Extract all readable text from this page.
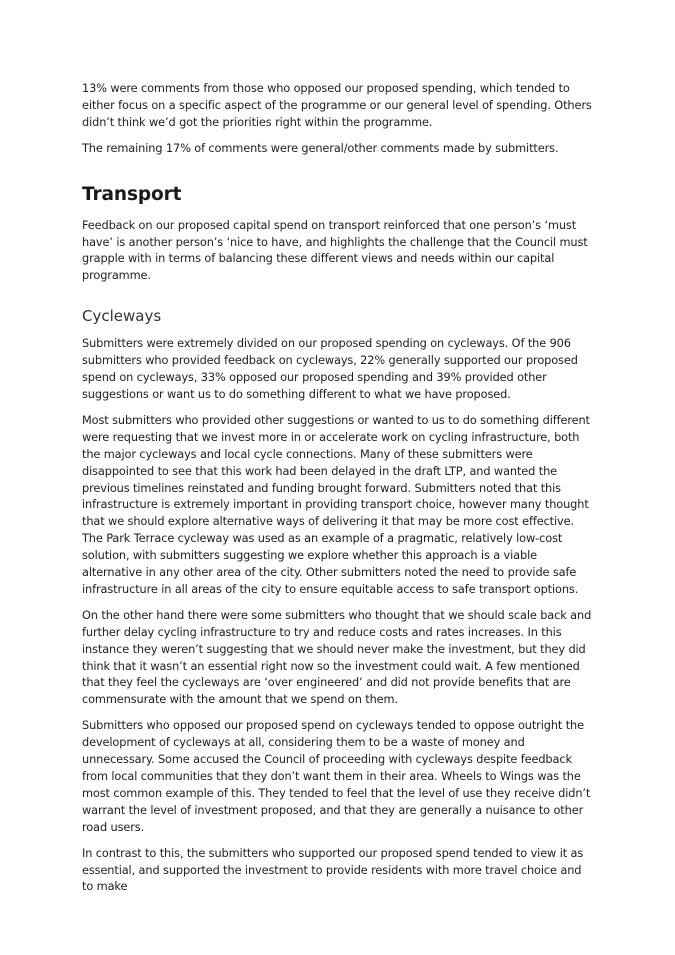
13% were comments from those who opposed our proposed spending, which tended to either focus on a specific aspect of the programme or our general level of spending. Others didn’t think we’d got the priorities right within the programme.

The remaining 17% of comments were general/other comments made by submitters.

Transport

Feedback on our proposed capital spend on transport reinforced that one person’s ‘must have’ is another person’s ‘nice to have, and highlights the challenge that the Council must grapple with in terms of balancing these different views and needs within our capital programme.

Cycleways

Submitters were extremely divided on our proposed spending on cycleways. Of the 906 submitters who provided feedback on cycleways, 22% generally supported our proposed spend on cycleways, 33% opposed our proposed spending and 39% provided other suggestions or want us to do something different to what we have proposed.

Most submitters who provided other suggestions or wanted to us to do something different were requesting that we invest more in or accelerate work on cycling infrastructure, both the major cycleways and local cycle connections. Many of these submitters were disappointed to see that this work had been delayed in the draft LTP, and wanted the previous timelines reinstated and funding brought forward. Submitters noted that this infrastructure is extremely important in providing transport choice, however many thought that we should explore alternative ways of delivering it that may be more cost effective. The Park Terrace cycleway was used as an example of a pragmatic, relatively low-cost solution, with submitters suggesting we explore whether this approach is a viable alternative in any other area of the city. Other submitters noted the need to provide safe infrastructure in all areas of the city to ensure equitable access to safe transport options.

On the other hand there were some submitters who thought that we should scale back and further delay cycling infrastructure to try and reduce costs and rates increases. In this instance they weren’t suggesting that we should never make the investment, but they did think that it wasn’t an essential right now so the investment could wait. A few mentioned that they feel the cycleways are ‘over engineered’ and did not provide benefits that are commensurate with the amount that we spend on them.

Submitters who opposed our proposed spend on cycleways tended to oppose outright the development of cycleways at all, considering them to be a waste of money and unnecessary. Some accused the Council of proceeding with cycleways despite feedback from local communities that they don’t want them in their area. Wheels to Wings was the most common example of this. They tended to feel that the level of use they receive didn’t warrant the level of investment proposed, and that they are generally a nuisance to other road users.

In contrast to this, the submitters who supported our proposed spend tended to view it as essential, and supported the investment to provide residents with more travel choice and to make
